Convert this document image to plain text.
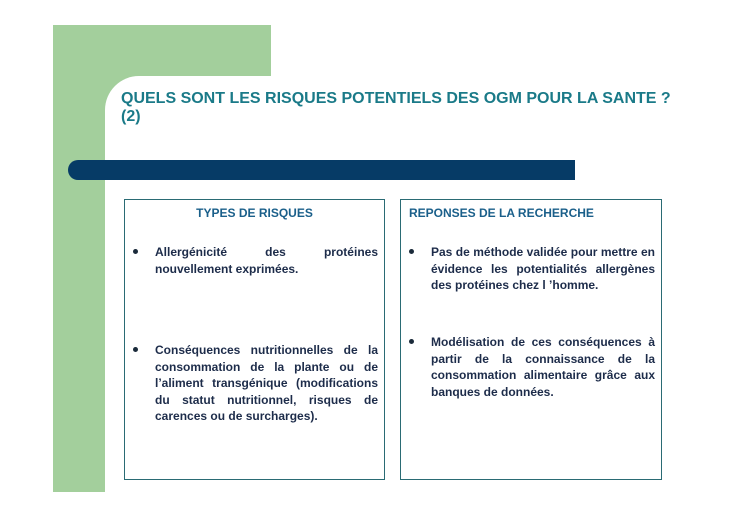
QUELS SONT LES RISQUES POTENTIELS DES OGM POUR LA SANTE ? (2)
TYPES DE RISQUES

Allergénicité des protéines nouvellement exprimées.

Conséquences nutritionnelles de la consommation de la plante ou de l’aliment transgénique (modifications du statut nutritionnel, risques de carences ou de surcharges).

REPONSES DE LA RECHERCHE

Pas de méthode validée pour mettre en évidence les potentialités allergènes des protéines chez l ’homme.

Modélisation de ces conséquences à partir de la connaissance de la consommation alimentaire grâce aux banques de données.
